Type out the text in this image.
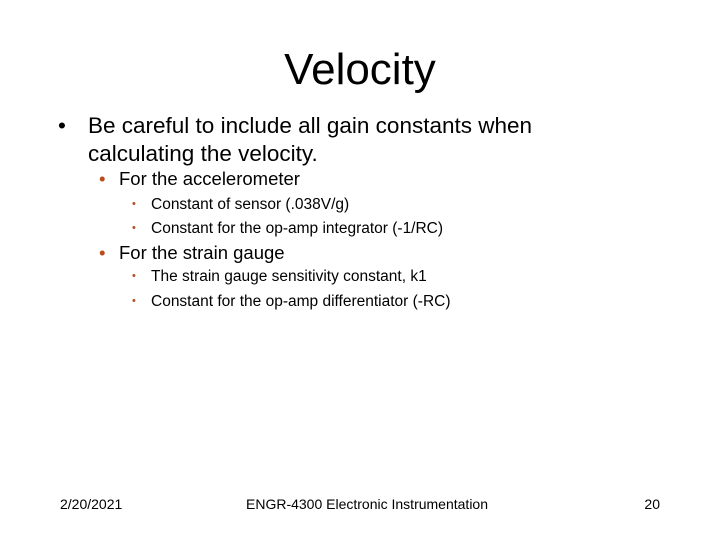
Velocity
• Be careful to include all gain constants when
calculating the velocity.
• For the accelerometer
• Constant of sensor (.038V/g)
• Constant for the op-amp integrator (-1/RC)
• For the strain gauge
• The strain gauge sensitivity constant, k1
• Constant for the op-amp differentiator (-RC)
2/20/2021	ENGR-4300 Electronic Instrumentation	20
